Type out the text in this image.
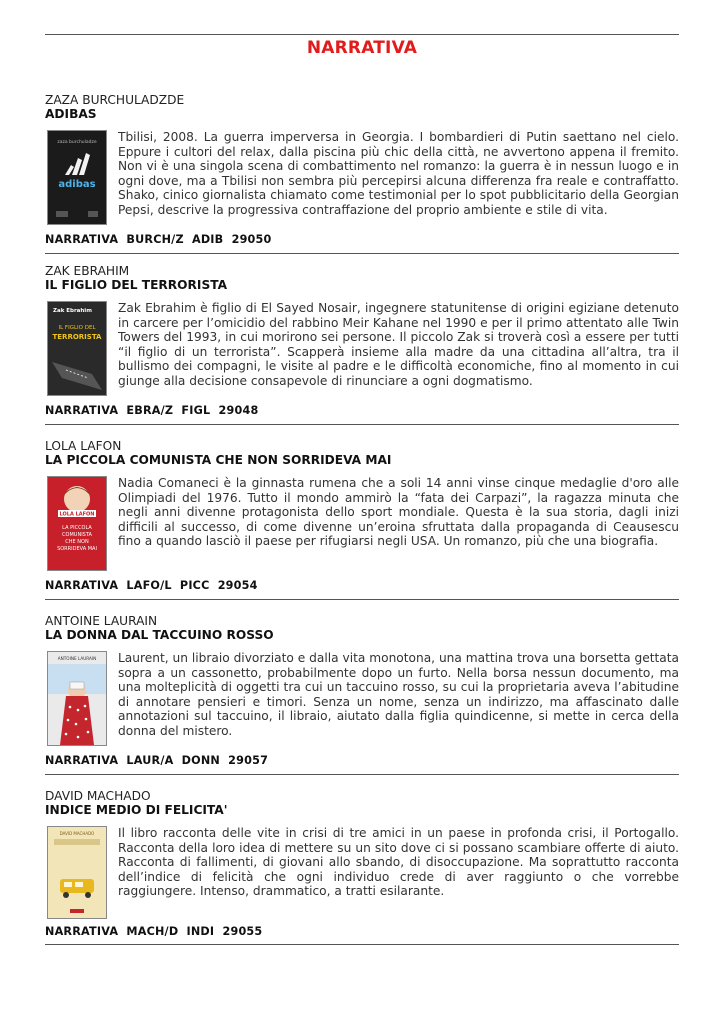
NARRATIVA
ZAZA BURCHULADZDE
ADIBAS
zaza burchuladze
adibas
Tbilisi, 2008. La guerra imperversa in Georgia. I bombardieri di Putin saettano nel cielo. Eppure i cultori del relax, dalla piscina più chic della città, ne avvertono appena il fremito. Non vi è una singola scena di combattimento nel romanzo: la guerra è in nessun luogo e in ogni dove, ma a Tbilisi non sembra più percepirsi alcuna differenza fra reale e contraffatto. Shako, cinico giornalista chiamato come testimonial per lo spot pubblicitario della Georgian Pepsi, descrive la progressiva contraffazione del proprio ambiente e stile di vita.
NARRATIVA  BURCH/Z  ADIB  29050
ZAK EBRAHIM
IL FIGLIO DEL TERRORISTA
Zak Ebrahim
IL FIGLIO DEL
TERRORISTA
Zak Ebrahim è figlio di El Sayed Nosair, ingegnere statunitense di origini egiziane detenuto in carcere per l’omicidio del rabbino Meir Kahane nel 1990 e per il primo attentato alle Twin Towers del 1993, in cui morirono sei persone. Il piccolo Zak si troverà così a essere per tutti “il figlio di un terrorista”. Scapperà insieme alla madre da una cittadina all’altra, tra il bullismo dei compagni, le visite al padre e le difficoltà economiche, fino al momento in cui giunge alla decisione consapevole di rinunciare a ogni dogmatismo.
NARRATIVA  EBRA/Z  FIGL  29048
LOLA LAFON
LA PICCOLA COMUNISTA CHE NON SORRIDEVA MAI
LOLA LAFON
LA PICCOLA
COMUNISTA
CHE NON
SORRIDEVA MAI
Nadia Comaneci è la ginnasta rumena che a soli 14 anni vinse cinque medaglie d'oro alle Olimpiadi del 1976. Tutto il mondo ammirò la “fata dei Carpazi”, la ragazza minuta che negli anni divenne protagonista dello sport mondiale. Questa è la sua storia, dagli inizi difficili al successo, di come divenne un’eroina sfruttata dalla propaganda di Ceausescu fino a quando lasciò il paese per rifugiarsi negli USA. Un romanzo, più che una biografia.
NARRATIVA  LAFO/L  PICC  29054
ANTOINE LAURAIN
LA DONNA DAL TACCUINO ROSSO
ANTOINE LAURAIN Laurent, un libraio divorziato e dalla vita monotona, una mattina trova una borsetta gettata sopra a un cassonetto, probabilmente dopo un furto. Nella borsa nessun documento, ma una molteplicità di oggetti tra cui un taccuino rosso, su cui la proprietaria aveva l’abitudine di annotare pensieri e timori. Senza un nome, senza un indirizzo, ma affascinato dalle annotazioni sul taccuino, il libraio, aiutato dalla figlia quindicenne, si mette in cerca della donna del mistero.
NARRATIVA  LAUR/A  DONN  29057
DAVID MACHADO
INDICE MEDIO DI FELICITA'
DAVID MACHADO Il libro racconta delle vite in crisi di tre amici in un paese in profonda crisi, il Portogallo. Racconta della loro idea di mettere su un sito dove ci si possano scambiare offerte di aiuto. Racconta di fallimenti, di giovani allo sbando, di disoccupazione. Ma soprattutto racconta dell’indice di felicità che ogni individuo crede di aver raggiunto o che vorrebbe raggiungere. Intenso, drammatico, a tratti esilarante.
NARRATIVA  MACH/D  INDI  29055
